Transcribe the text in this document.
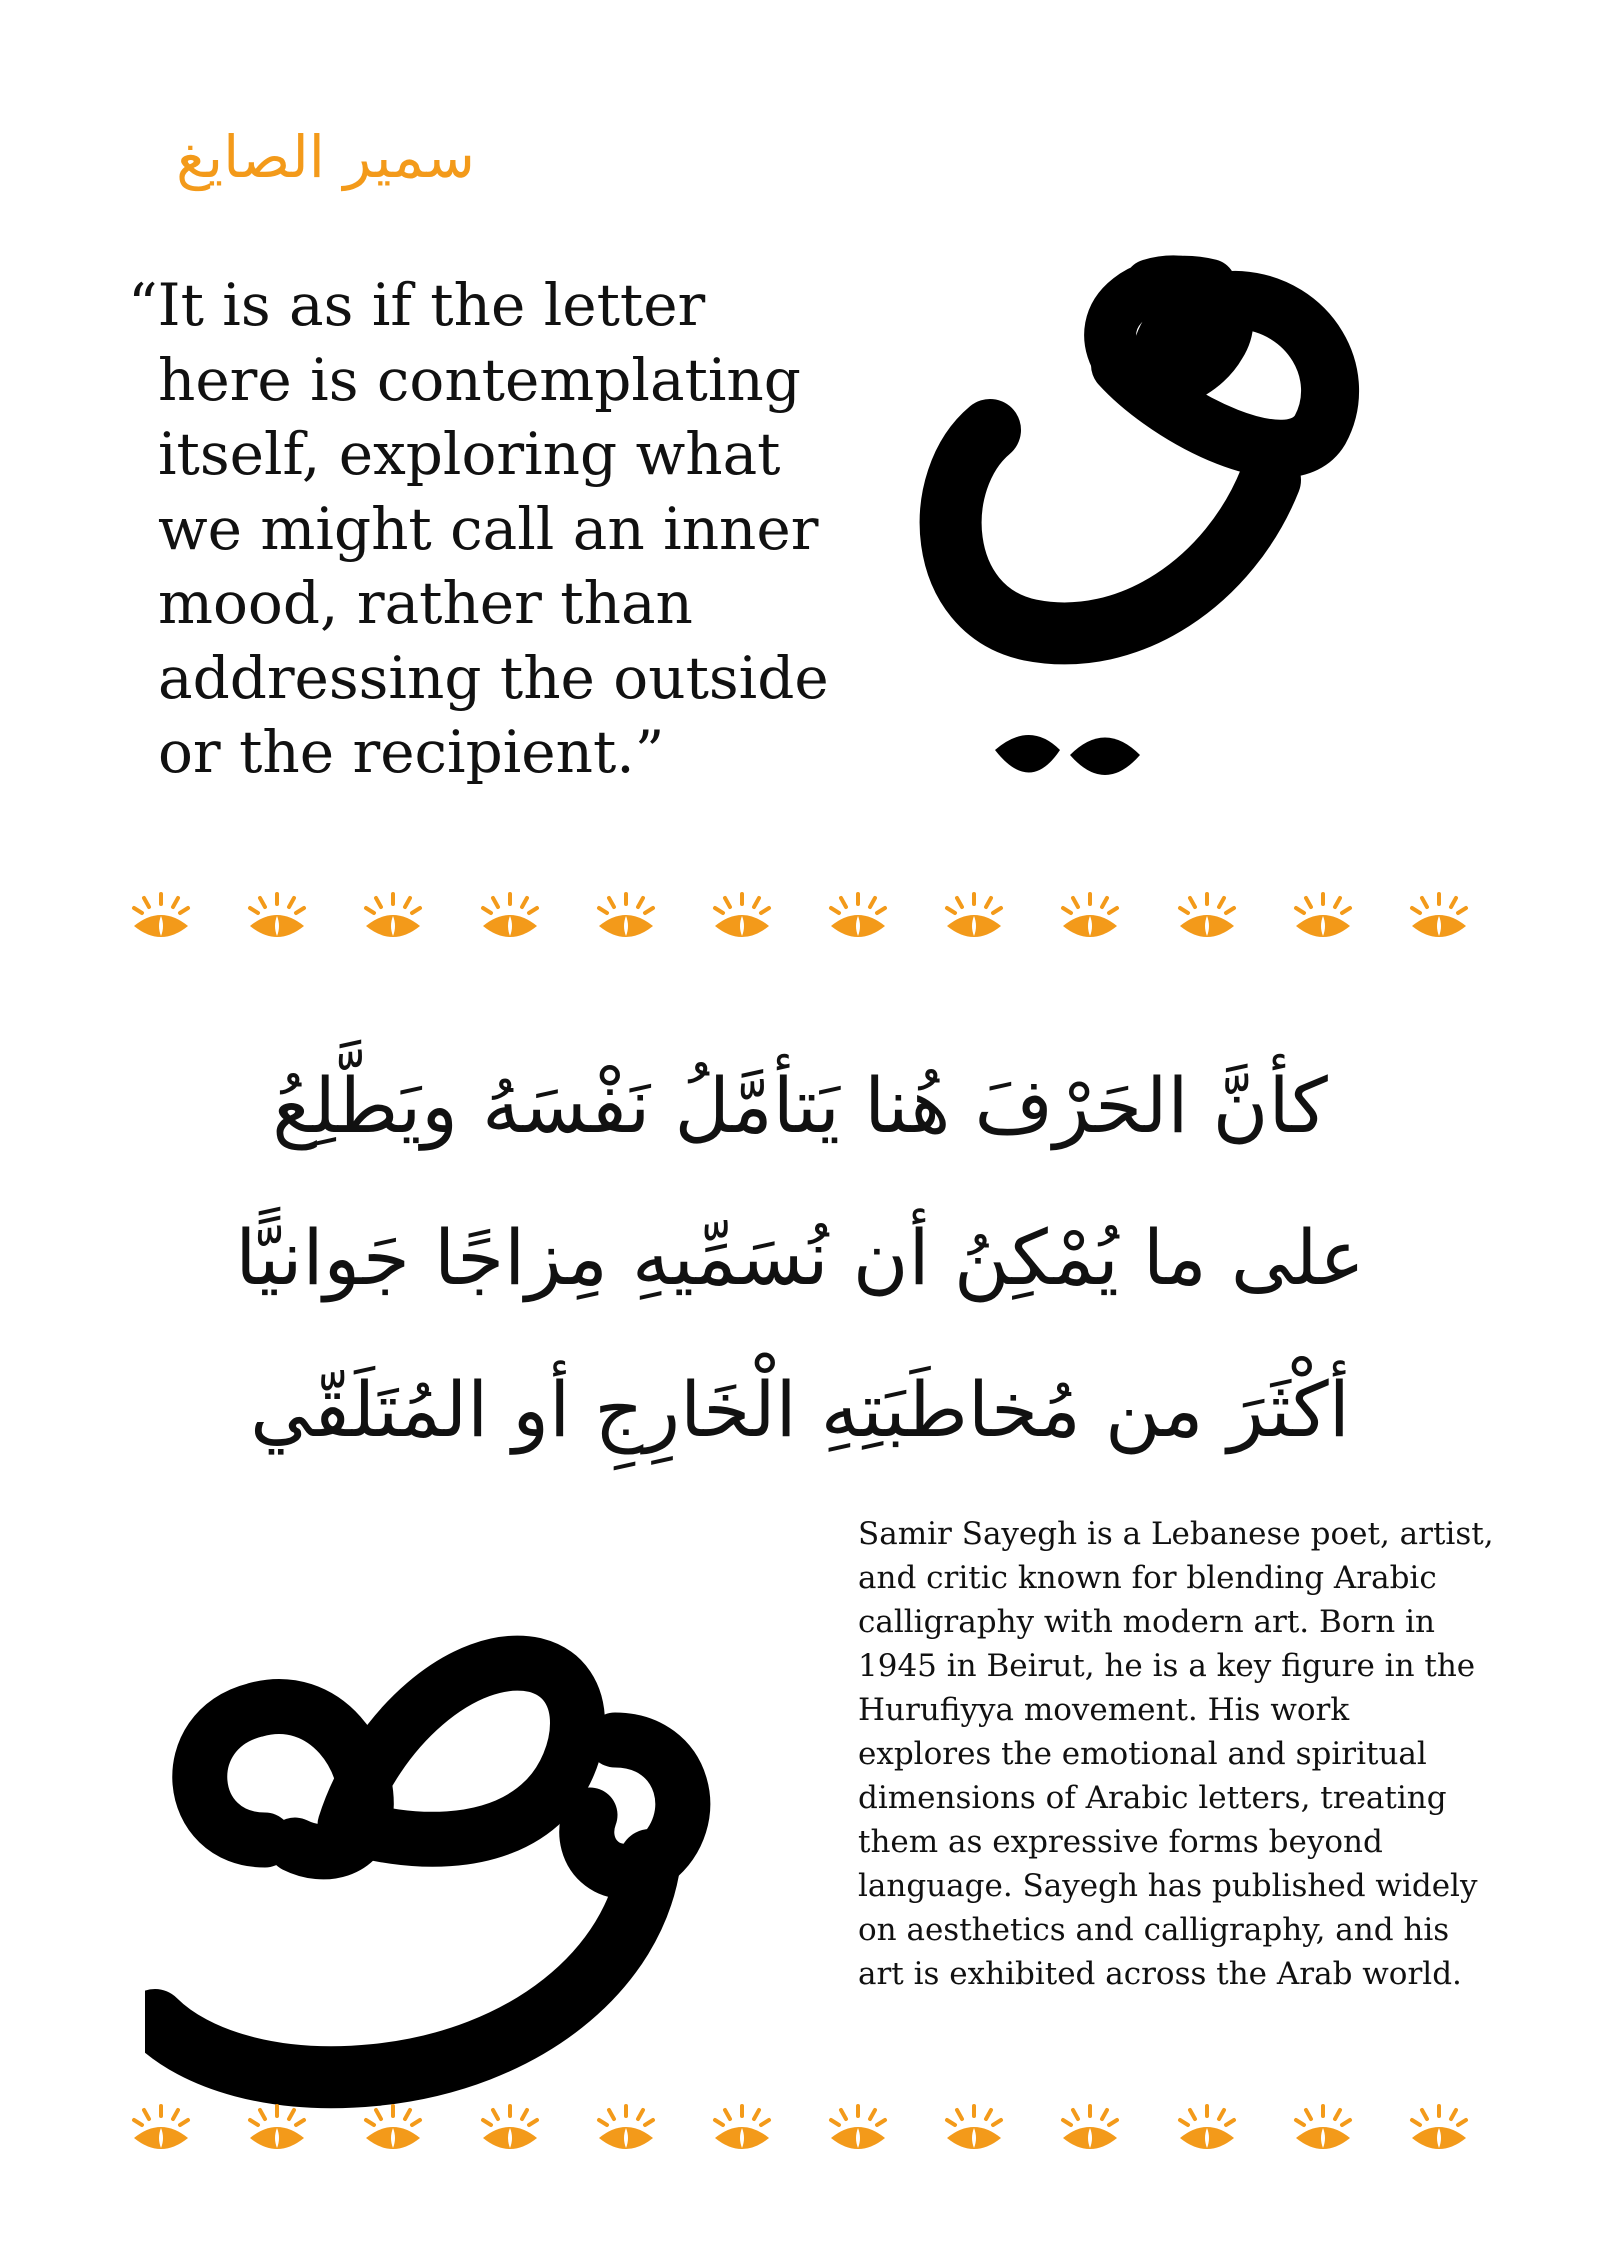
سمير الصايغ
“It is as if the letter
here is contemplating
itself, exploring what
we might call an inner
mood, rather than
addressing the outside
or the recipient.”
كأنَّ الحَرْفَ هُنا يَتأمَّلُ نَفْسَهُ ويَطَّلِعُ
على ما يُمْكِنُ أن نُسَمِّيهِ مِزاجًا جَوانيًّا
أكْثَرَ من مُخاطَبَتِهِ الْخَارِجِ أو المُتَلَقّي
Samir Sayegh is a Lebanese poet, artist,
and critic known for blending Arabic
calligraphy with modern art. Born in
1945 in Beirut, he is a key figure in the
Hurufiyya movement. His work
explores the emotional and spiritual
dimensions of Arabic letters, treating
them as expressive forms beyond
language. Sayegh has published widely
on aesthetics and calligraphy, and his
art is exhibited across the Arab world.
